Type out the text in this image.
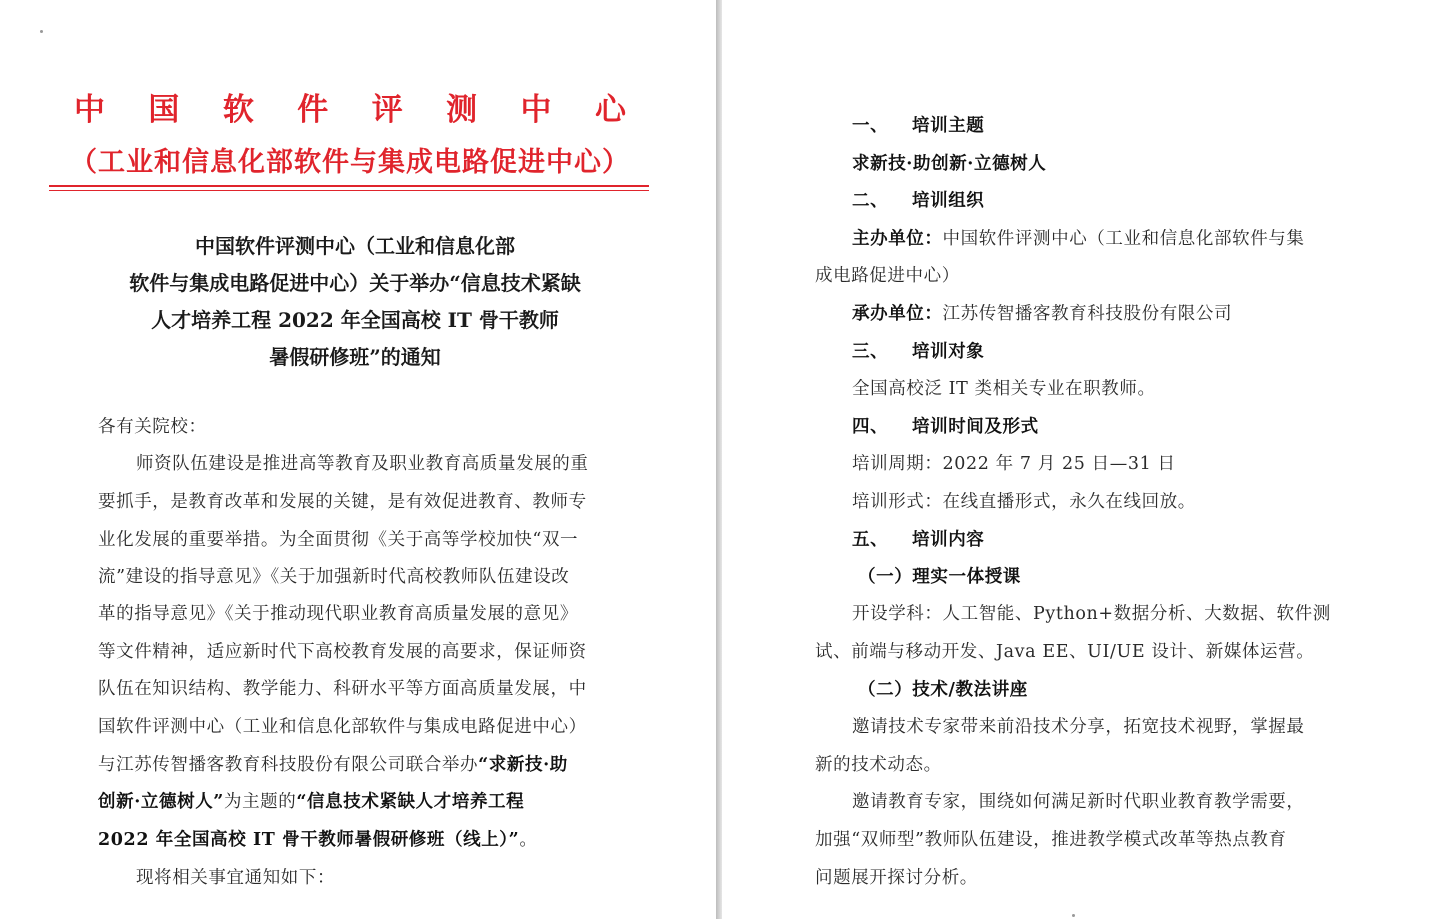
中 国 软 件 评 测 中 心
（工业和信息化部软件与集成电路促进中心）
中国软件评测中心（工业和信息化部
软件与集成电路促进中心）关于举办“信息技术紧缺
人才培养工程 2022 年全国高校 IT 骨干教师
暑假研修班”的通知
各有关院校：
师资队伍建设是推进高等教育及职业教育高质量发展的重
要抓手，是教育改革和发展的关键，是有效促进教育、教师专
业化发展的重要举措。为全面贯彻《关于高等学校加快“双一
流”建设的指导意见》《关于加强新时代高校教师队伍建设改
革的指导意见》《关于推动现代职业教育高质量发展的意见》
等文件精神，适应新时代下高校教育发展的高要求，保证师资
队伍在知识结构、教学能力、科研水平等方面高质量发展，中
国软件评测中心（工业和信息化部软件与集成电路促进中心）
与江苏传智播客教育科技股份有限公司联合举办“求新技·助
创新·立德树人”为主题的“信息技术紧缺人才培养工程
2022 年全国高校 IT 骨干教师暑假研修班（线上）”。
现将相关事宜通知如下：
一、 培训主题
求新技·助创新·立德树人
二、 培训组织
主办单位：中国软件评测中心（工业和信息化部软件与集
成电路促进中心）
承办单位：江苏传智播客教育科技股份有限公司
三、 培训对象
全国高校泛 IT 类相关专业在职教师。
四、 培训时间及形式
培训周期：2022 年 7 月 25 日—31 日
培训形式：在线直播形式，永久在线回放。
五、 培训内容
（一）理实一体授课
开设学科：人工智能、Python+数据分析、大数据、软件测
试、前端与移动开发、Java EE、UI/UE 设计、新媒体运营。
（二）技术/教法讲座
邀请技术专家带来前沿技术分享，拓宽技术视野，掌握最
新的技术动态。
邀请教育专家，围绕如何满足新时代职业教育教学需要，
加强“双师型”教师队伍建设，推进教学模式改革等热点教育
问题展开探讨分析。
